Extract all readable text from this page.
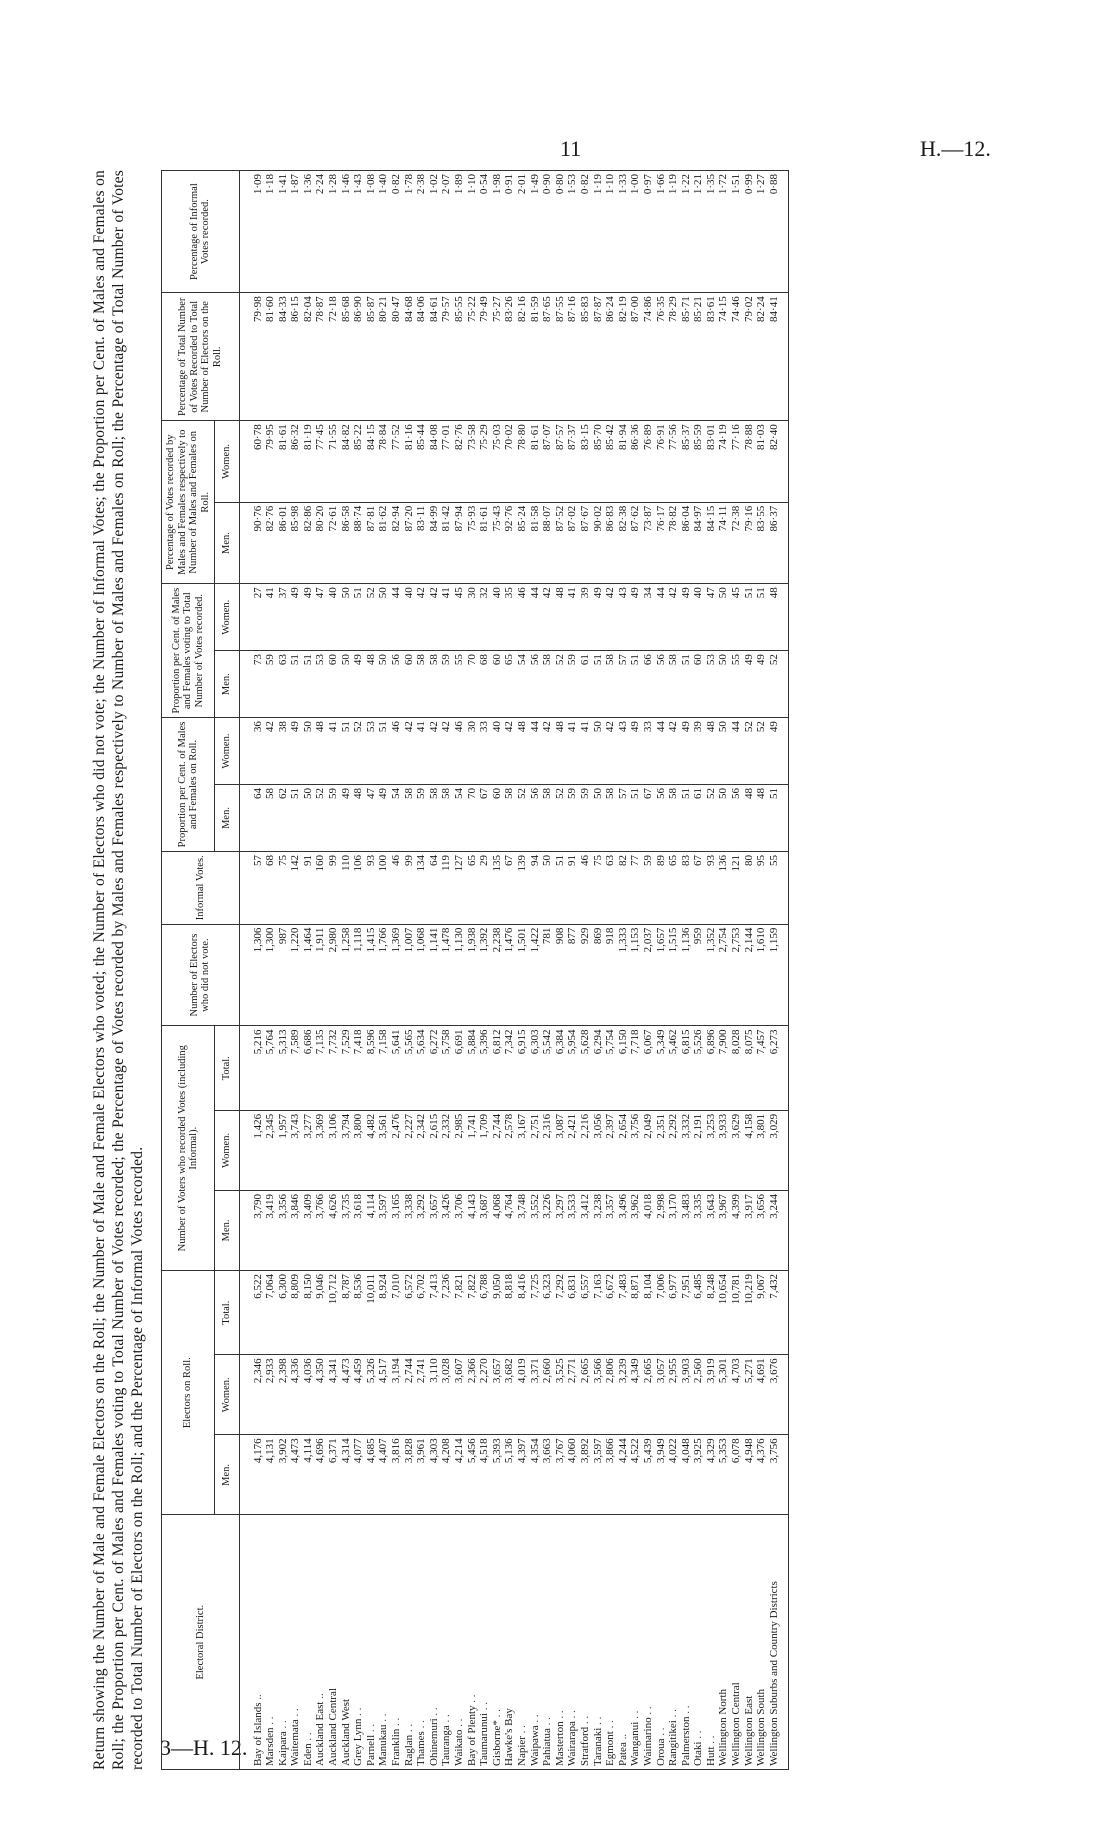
11	H.—12.
3—H. 12.

Return showing the Number of Male and Female Electors on the Roll; the Number of Male and Female Electors who voted; the Number of Electors who did not vote; the Number of Informal Votes; the Proportion per Cent. of Males and Females on Roll; the Proportion per Cent. of Males and Females voting to Total Number of Votes recorded; the Percentage of Votes recorded by Males and Females respectively to Number of Males and Females on Roll; the Percentage of Total Number of Votes recorded to Total Number of Electors on the Roll; and the Percentage of Informal Votes recorded.	Electoral District.	Electors on Roll.			Number of Voters who recorded Votes (including Informal).			Number of Electors who did not vote.	Informal Votes.	Proportion per Cent. of Males and Females on Roll.		Proportion per Cent. of Males and Females voting to Total Number of Votes recorded.		Percentage of Votes recorded by Males and Females respectively to Number of Males and Females on Roll.		Percentage of Total Number of Votes Recorded to Total Number of Electors on the Roll.	Percentage of Informal Votes recorded.
	Men.	Women.	Total.	Men.	Women.	Total.			Men.	Women.	Men.	Women.	Men.	Women.		
Bay of Islands ..	4,176	2,346	6,522	3,790	1,426	5,216	1,306	57	64	36	73	27	90·76	60·78	79·98	1·09
Marsden . .	4,131	2,933	7,064	3,419	2,345	5,764	1,300	68	58	42	59	41	82·76	79·95	81·60	1·18
Kaipara . .	3,902	2,398	6,300	3,356	1,957	5,313	987	75	62	38	63	37	86·01	81·61	84·33	1·41
Waitemata . .	4,473	4,336	8,809	3,846	3,743	7,589	1,220	142	51	49	51	49	85·98	86·32	86·15	1·87
Eden . .	4,114	4,036	8,150	3,409	3,277	6,686	1,464	91	50	50	51	49	82·86	81·19	82·04	1·36
Auckland East ..	4,696	4,350	9,046	3,766	3,369	7,135	1,911	160	52	48	53	47	80·20	77·45	78·87	2·24
Auckland Central	6,371	4,341	10,712	4,626	3,106	7,732	2,980	99	59	41	60	40	72·61	71·55	72·18	1·28
Auckland West	4,314	4,473	8,787	3,735	3,794	7,529	1,258	110	49	51	50	50	86·58	84·82	85·68	1·46
Grey Lynn . .	4,077	4,459	8,536	3,618	3,800	7,418	1,118	106	48	52	49	51	88·74	85·22	86·90	1·43
Parnell . .	4,685	5,326	10,011	4,114	4,482	8,596	1,415	93	47	53	48	52	87·81	84·15	85·87	1·08
Manukau . .	4,407	4,517	8,924	3,597	3,561	7,158	1,766	100	49	51	50	50	81·62	78·84	80·21	1·40
Franklin . .	3,816	3,194	7,010	3,165	2,476	5,641	1,369	46	54	46	56	44	82·94	77·52	80·47	0·82
Raglan . .	3,828	2,744	6,572	3,338	2,227	5,565	1,007	99	58	42	60	40	87·20	81·16	84·68	1·78
Thames . .	3,961	2,741	6,702	3,292	2,342	5,634	1,068	134	59	41	58	42	83·11	85·44	84·06	2·38
Ohinemuri . .	4,303	3,110	7,413	3,657	2,615	6,272	1,141	64	58	42	58	42	84·99	84·08	84·61	1·02
Tauranga . .	4,208	3,028	7,236	3,426	2,332	5,758	1,478	119	58	42	59	41	81·42	77·01	79·57	2·07
Waikato . .	4,214	3,607	7,821	3,706	2,985	6,691	1,130	127	54	46	55	45	87·94	82·76	85·55	1·89
Bay of Plenty . .	5,456	2,366	7,822	4,143	1,741	5,884	1,938	65	70	30	70	30	75·93	73·58	75·22	1·10
Taumarunui . .	4,518	2,270	6,788	3,687	1,709	5,396	1,392	29	67	33	68	32	81·61	75·29	79·49	0·54
Gisborne* . .	5,393	3,657	9,050	4,068	2,744	6,812	2,238	135	60	40	60	40	75·43	75·03	75·27	1·98
Hawke's Bay	5,136	3,682	8,818	4,764	2,578	7,342	1,476	67	58	42	65	35	92·76	70·02	83·26	0·91
Napier . .	4,397	4,019	8,416	3,748	3,167	6,915	1,501	139	52	48	54	46	85·24	78·80	82·16	2·01
Waipawa . .	4,354	3,371	7,725	3,552	2,751	6,303	1,422	94	56	44	56	44	81·58	81·61	81·59	1·49
Pahiatua . .	3,663	2,660	6,323	3,226	2,316	5,542	781	50	58	42	58	42	88·07	87·07	87·65	0·90
Masterton . .	3,767	3,525	7,292	3,297	3,087	6,384	908	51	52	48	52	48	87·52	87·57	87·55	0·80
Wairarapa . .	4,060	2,771	6,831	3,533	2,421	5,954	877	91	59	41	59	41	87·02	87·37	87·16	1·53
Stratford . .	3,892	2,665	6,557	3,412	2,216	5,628	929	46	59	41	61	39	87·67	83·15	85·83	0·82
Taranaki . .	3,597	3,566	7,163	3,238	3,056	6,294	869	75	50	50	51	49	90·02	85·70	87·87	1·19
Egmont . .	3,866	2,806	6,672	3,357	2,397	5,754	918	63	58	42	58	42	86·83	85·42	86·24	1·10
Patea ..	4,244	3,239	7,483	3,496	2,654	6,150	1,333	82	57	43	57	43	82·38	81·94	82·19	1·33
Wanganui . .	4,522	4,349	8,871	3,962	3,756	7,718	1,153	77	51	49	51	49	87·62	86·36	87·00	1·00
Waimarino . .	5,439	2,665	8,104	4,018	2,049	6,067	2,037	59	67	33	66	34	73·87	76·89	74·86	0·97
Oroua . .	3,949	3,057	7,006	2,998	2,351	5,349	1,657	89	56	44	56	44	76·17	76·91	76·35	1·66
Rangitikei . .	4,022	2,955	6,977	3,170	2,292	5,462	1,515	65	58	42	58	42	78·82	77·56	78·29	1·19
Palmerston . .	4,048	3,903	7,951	3,483	3,332	6,815	1,136	83	51	49	51	49	86·04	85·37	85·71	1·22
Otaki . .	3,925	2,560	6,485	3,335	2,191	5,526	959	67	61	39	60	40	84·97	85·59	85·21	1·21
Hutt . .	4,329	3,919	8,248	3,643	3,253	6,896	1,352	93	52	48	53	47	84·15	83·01	83·61	1·35
Wellington North	5,353	5,301	10,654	3,967	3,933	7,900	2,754	136	50	50	50	50	74·11	74·19	74·15	1·72
Wellington Central	6,078	4,703	10,781	4,399	3,629	8,028	2,753	121	56	44	55	45	72·38	77·16	74·46	1·51
Wellington East	4,948	5,271	10,219	3,917	4,158	8,075	2,144	80	48	52	49	51	79·16	78·88	79·02	0·99
Wellington South	4,376	4,691	9,067	3,656	3,801	7,457	1,610	95	48	52	49	51	83·55	81·03	82·24	1·27
Wellington Suburbs and Country Districts	3,756	3,676	7,432	3,244	3,029	6,273	1,159	55	51	49	52	48	86·37	82·40	84·41	0·88
